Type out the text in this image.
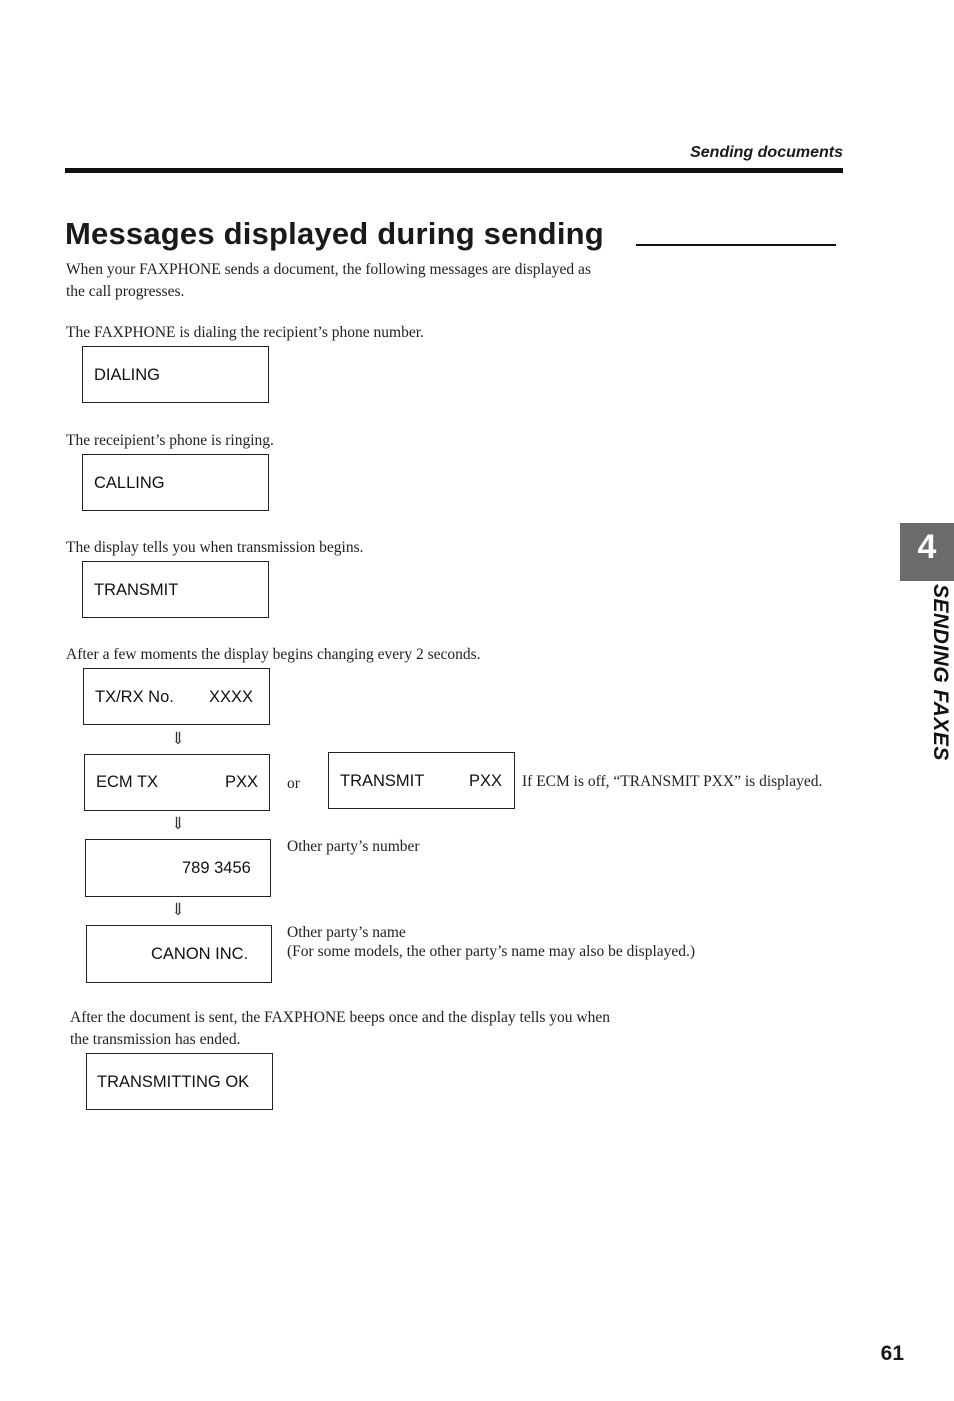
Sending documents
Messages displayed during sending
When your FAXPHONE sends a document, the following messages are displayed as
the call progresses.
The FAXPHONE is dialing the recipient’s phone number.
DIALING
The receipient’s phone is ringing.
CALLING
The display tells you when transmission begins.
TRANSMIT
After a few moments the display begins changing every 2 seconds.
TX/RX No. XXXX
⇓
ECM TX	PXX or TRANSMIT	PXX If ECM is off, “TRANSMIT PXX” is displayed.
⇓
789 3456
Other party’s number
⇓
CANON INC.
Other party’s name
(For some models, the other party’s name may also be displayed.)
After the document is sent, the FAXPHONE beeps once and the display tells you when
the transmission has ended.
TRANSMITTING OK
4
SENDING FAXES
61
